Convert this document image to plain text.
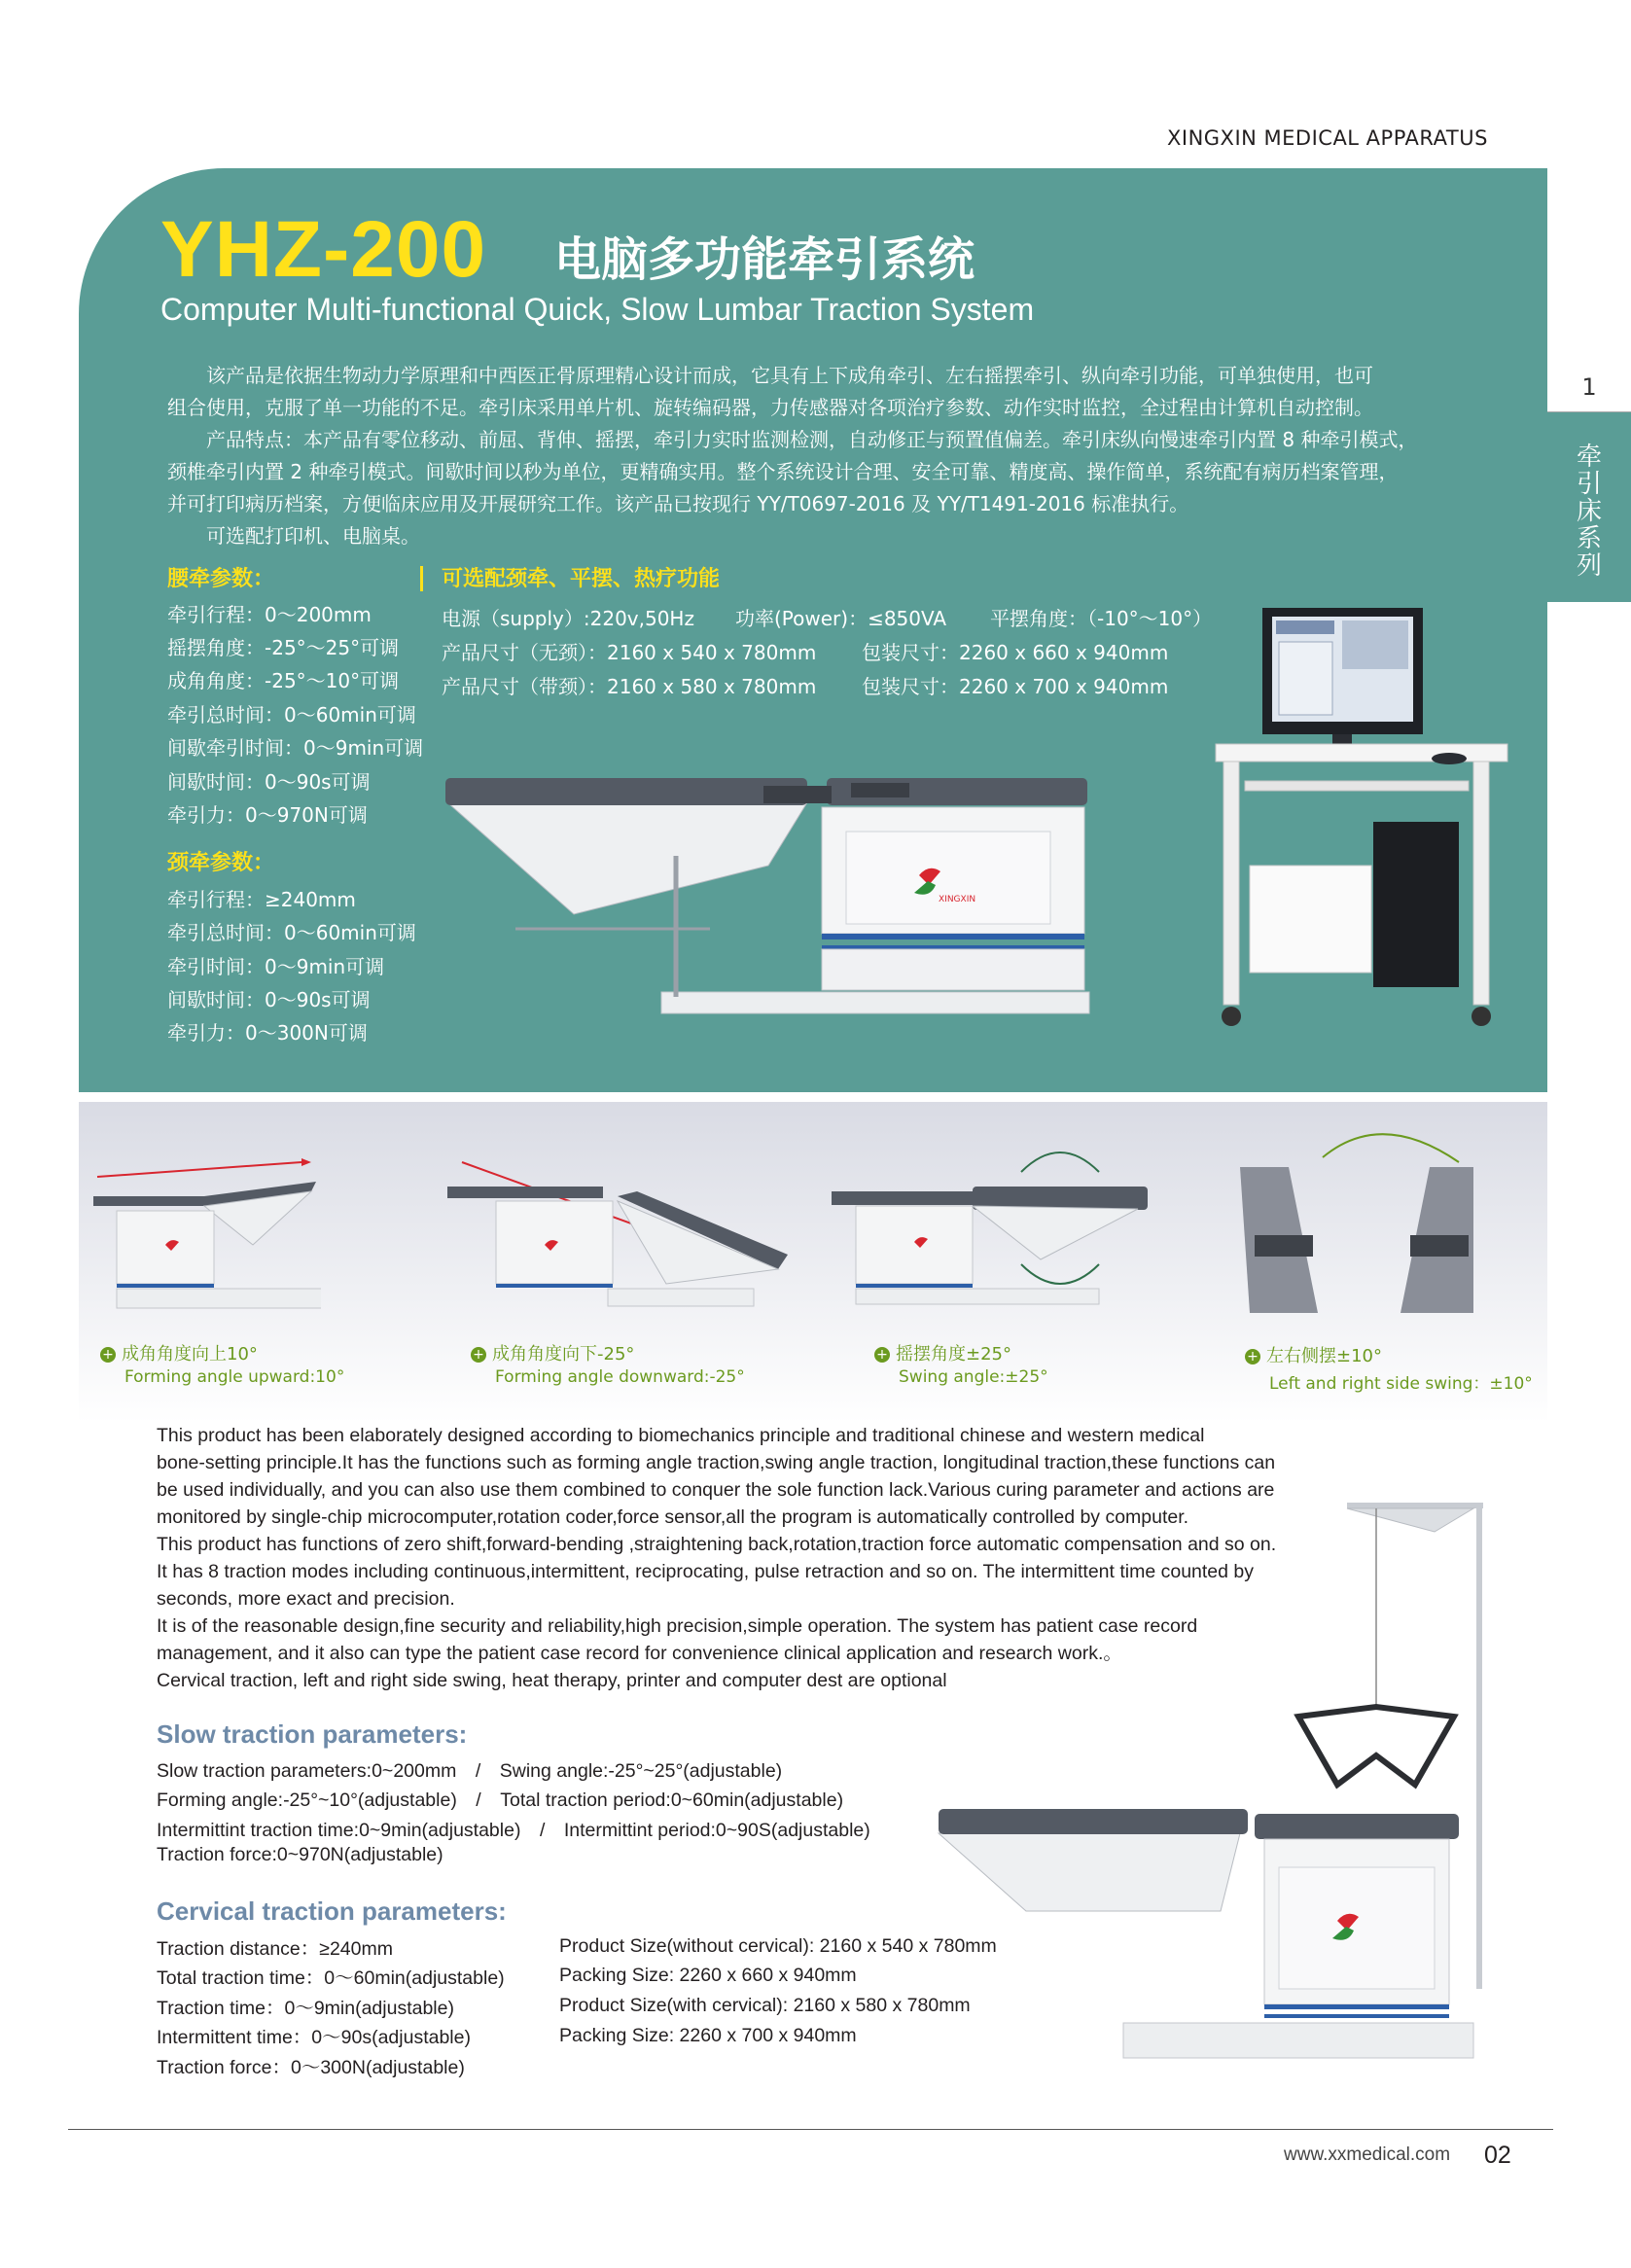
XINGXIN MEDICAL APPARATUS
YHZ-200 电脑多功能牵引系统
Computer Multi-functional Quick, Slow Lumbar Traction System
　　该产品是依据生物动力学原理和中西医正骨原理精心设计而成，它具有上下成角牵引、左右摇摆牵引、纵向牵引功能，可单独使用，也可
组合使用，克服了单一功能的不足。牵引床采用单片机、旋转编码器，力传感器对各项治疗参数、动作实时监控，全过程由计算机自动控制。
　　产品特点：本产品有零位移动、前屈、背伸、摇摆，牵引力实时监测检测，自动修正与预置值偏差。牵引床纵向慢速牵引内置 8 种牵引模式，
颈椎牵引内置 2 种牵引模式。间歇时间以秒为单位，更精确实用。整个系统设计合理、安全可靠、精度高、操作简单，系统配有病历档案管理，
并可打印病历档案，方便临床应用及开展研究工作。该产品已按现行 YY/T0697-2016 及 YY/T1491-2016 标准执行。
　　可选配打印机、电脑桌。
1
牵引床系列
腰牵参数：
牵引行程：0～200mm
摇摆角度：-25°～25°可调
成角角度：-25°～10°可调
牵引总时间：0～60min可调
间歇牵引时间：0～9min可调
间歇时间：0～90s可调
牵引力：0～970N可调
颈牵参数：
牵引行程：≥240mm
牵引总时间：0～60min可调
牵引时间：0～9min可调
间歇时间：0～90s可调
牵引力：0～300N可调
可选配颈牵、平摆、热疗功能
电源（supply）:220v,50Hz 功率(Power)：≤850VA 平摆角度：（-10°～10°）
产品尺寸（无颈）：2160 x 540 x 780mm 包装尺寸：2260 x 660 x 940mm
产品尺寸（带颈）：2160 x 580 x 780mm 包装尺寸：2260 x 700 x 940mm
XINGXIN
+ 成角角度向上10°
Forming angle upward:10°
+ 成角角度向下-25°
Forming angle downward:-25°
+ 摇摆角度±25°
Swing angle:±25°
+ 左右侧摆±10°
Left and right side swing：±10°
This product has been elaborately designed according to biomechanics principle and traditional chinese and western medical
bone-setting principle.It has the functions such as forming angle traction,swing angle traction, longitudinal traction,these functions can
be used individually, and you can also use them combined to conquer the sole function lack.Various curing parameter and actions are
monitored by single-chip microcomputer,rotation coder,force sensor,all the program is automatically controlled by computer.
This product has functions of zero shift,forward-bending ,straightening back,rotation,traction force automatic compensation and so on.
It has 8 traction modes including continuous,intermittent, reciprocating, pulse retraction and so on. The intermittent time counted by
seconds, more exact and precision.
It is of the reasonable design,fine security and reliability,high precision,simple operation. The system has patient case record
management, and it also can type the patient case record for convenience clinical application and research work.。
Cervical traction, left and right side swing, heat therapy, printer and computer dest are optional
Slow traction parameters:
Slow traction parameters:0~200mm　/　Swing angle:-25°~25°(adjustable)
Forming angle:-25°~10°(adjustable)　/　Total traction period:0~60min(adjustable)
Intermittint traction time:0~9min(adjustable)　/　Intermittint period:0~90S(adjustable)
Traction force:0~970N(adjustable)
Cervical traction parameters:
Traction distance：≥240mm
Total traction time：0～60min(adjustable)
Traction time：0～9min(adjustable)
Intermittent time：0～90s(adjustable)
Traction force：0～300N(adjustable)
Product Size(without cervical): 2160 x 540 x 780mm
Packing Size: 2260 x 660 x 940mm
Product Size(with cervical): 2160 x 580 x 780mm
Packing Size: 2260 x 700 x 940mm
www.xxmedical.com 02
